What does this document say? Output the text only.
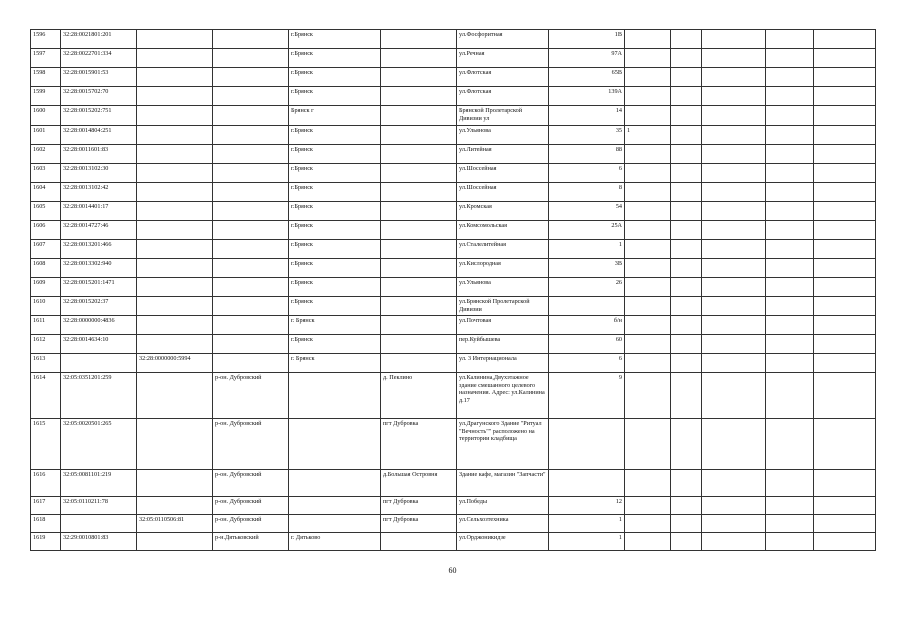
1596	32:28:0021801:201			г.Брянск		ул.Фосфоритная	1В					
1597	32:28:0022701:334			г.Брянск		ул.Речная	97А					
1598	32:28:0015901:53			г.Брянск		ул.Флотская	65В					
1599	32:28:0015702:70			г.Брянск		ул.Флотская	139А					
1600	32:28:0015202:751			Брянск г		Брянской Пролетарской Дивизии ул	14					
1601	32:28:0014804:251			г.Брянск		ул.Ульянова	35	1				
1602	32:28:0011601:83			г.Брянск		ул.Литейная	88					
1603	32:28:0013102:30			г.Брянск		ул.Шоссейная	6					
1604	32:28:0013102:42			г.Брянск		ул.Шоссейная	8					
1605	32:28:0014401:17			г.Брянск		ул.Кромская	54					
1606	32:28:0014727:46			г.Брянск		ул.Комсомольская	25А					
1607	32:28:0013201:466			г.Брянск		ул.Сталелитейная	1					
1608	32:28:0013302:940			г.Брянск		ул.Кислородная	3В					
1609	32:28:0015201:1471			г.Брянск		ул.Ульянова	26					
1610	32:28:0015202:37			г.Брянск		ул.Брянской Пролетарской Дивизии						
1611	32:28:0000000:4836			г. Брянск		ул.Почтовая	б/н					
1612	32:28:0014634:10			г.Брянск		пер.Куйбышева	60					
1613		32:28:0000000:5994		г. Брянск		ул. 3 Интернационала	6					
1614	32:05:0351201:259		р-он. Дубровский		д. Пеклино	ул.Калинина,Двухэтажное здание смешанного целевого назначения. Адрес: ул.Калинина д.17	9					
1615	32:05:0020501:265		р-он. Дубровский		пгт Дубровка	ул.Драгунского Здание "Ритуал "Вечность"" расположено на территории кладбища						
1616	32:05:0081101:219		р-он. Дубровский		д.Большая Островня	Здание кафе, магазин "Запчасти"						
1617	32:05:0110211:78		р-он. Дубровский		пгт Дубровка	ул.Победы	12					
1618		32:05:0110506:81	р-он. Дубровский		пгт Дубровка	ул.Сельхозтехника	1					
1619	32:29:0010801:83		р-н.Дятьковский	г. Дятьково		ул.Орджоникидзе	1					
60
